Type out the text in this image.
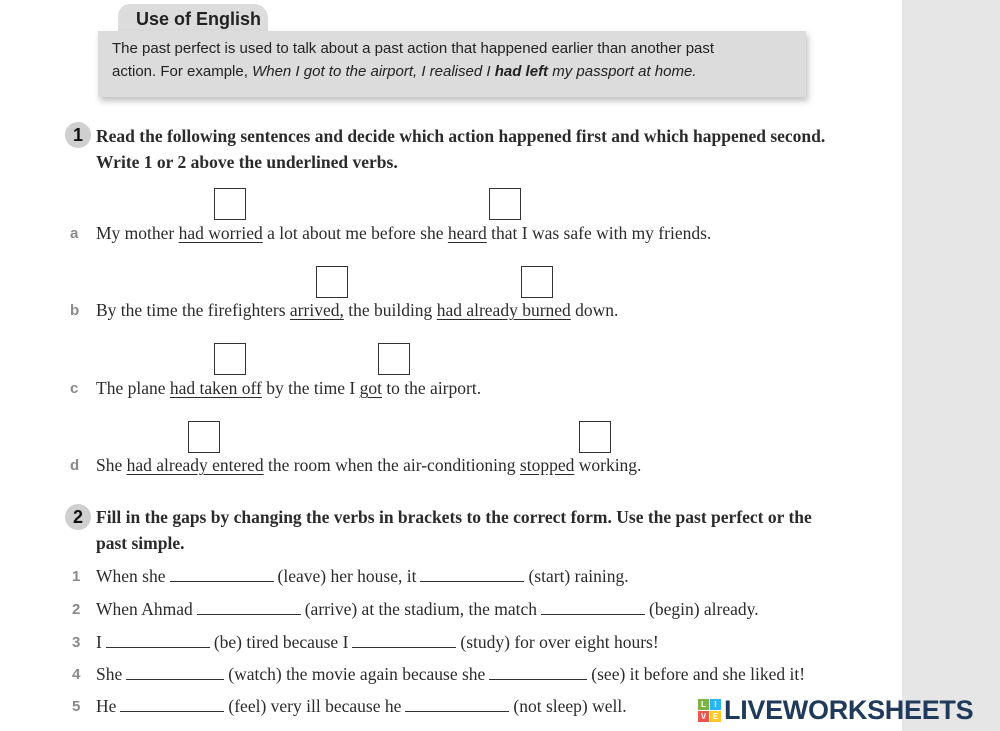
Use of English
The past perfect is used to talk about a past action that happened earlier than another past
action. For example, When I got to the airport, I realised I had left my passport at home.
1 Read the following sentences and decide which action happened first and which happened second. Write 1 or 2 above the underlined verbs.
a My mother had worried a lot about me before she heard that I was safe with my friends.
b By the time the firefighters arrived, the building had already burned down.
c The plane had taken off by the time I got to the airport.
d She had already entered the room when the air-conditioning stopped working.
2 Fill in the gaps by changing the verbs in brackets to the correct form. Use the past perfect or the past simple.
1 When she	(leave) her house, it	(start) raining.
2 When Ahmad	(arrive) at the stadium, the match	(begin) already.
3 I	(be) tired because I	(study) for over eight hours!
4 She	(watch) the movie again because she	(see) it before and she liked it!
5 He	(feel) very ill because he	(not sleep) well.	L	I
V E LIVEWORKSHEETS
